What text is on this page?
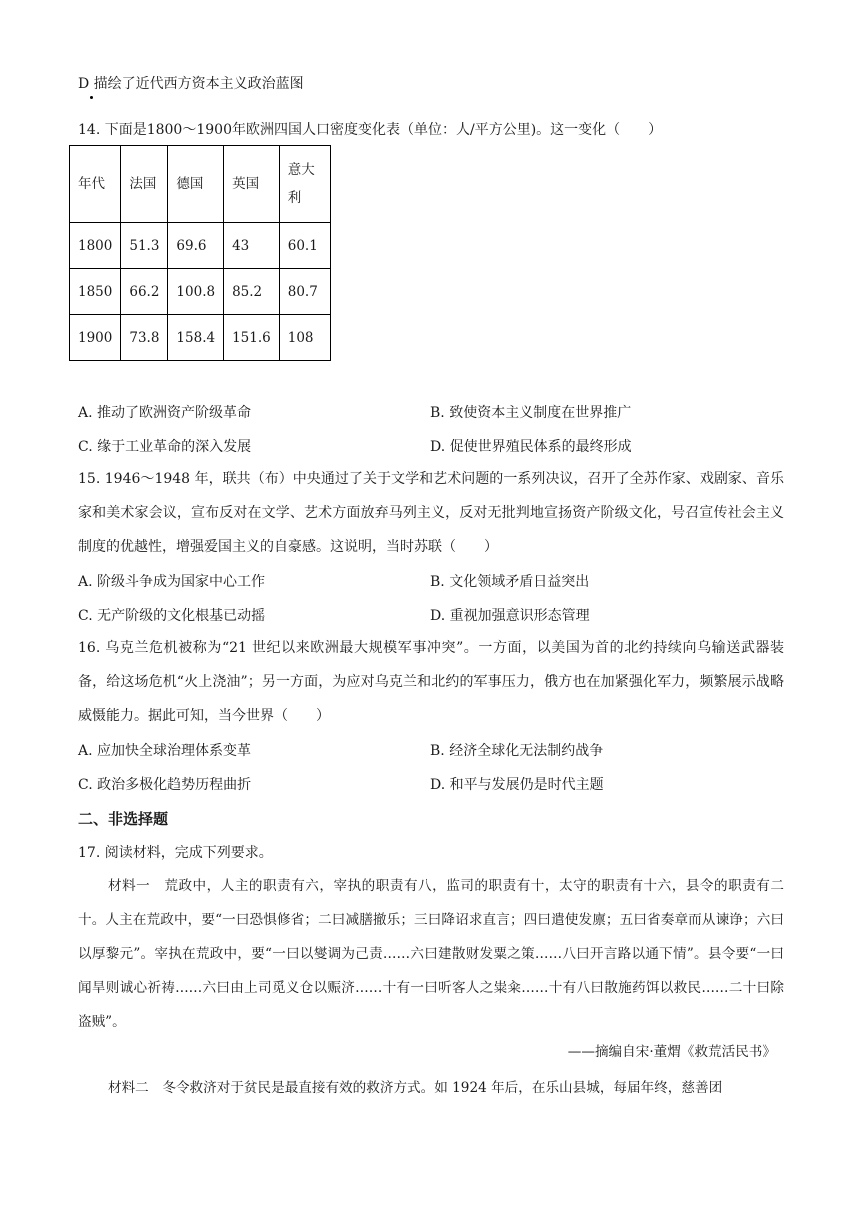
D 描绘了近代西方资本主义政治蓝图
14. 下面是1800～1900年欧洲四国人口密度变化表（单位：人/平方公里)。这一变化（　　）
年代	法国	德国	英国	意大利
1800	51.3	69.6	43	60.1
1850	66.2	100.8	85.2	80.7
1900	73.8	158.4	151.6	108
A. 推动了欧洲资产阶级革命	B. 致使资本主义制度在世界推广
C. 缘于工业革命的深入发展	D. 促使世界殖民体系的最终形成
15. 1946～1948 年，联共（布）中央通过了关于文学和艺术问题的一系列决议，召开了全苏作家、戏剧家、音乐家和美术家会议，宣布反对在文学、艺术方面放弃马列主义，反对无批判地宣扬资产阶级文化，号召宣传社会主义制度的优越性，增强爱国主义的自豪感。这说明，当时苏联（　　）
A. 阶级斗争成为国家中心工作	B. 文化领域矛盾日益突出
C. 无产阶级的文化根基已动摇	D. 重视加强意识形态管理
16. 乌克兰危机被称为“21 世纪以来欧洲最大规模军事冲突”。一方面，以美国为首的北约持续向乌输送武器装备，给这场危机“火上浇油”；另一方面，为应对乌克兰和北约的军事压力，俄方也在加紧强化军力，频繁展示战略威慑能力。据此可知，当今世界（　　）
A. 应加快全球治理体系变革	B. 经济全球化无法制约战争
C. 政治多极化趋势历程曲折	D. 和平与发展仍是时代主题
二、非选择题
17. 阅读材料，完成下列要求。
材料一　荒政中，人主的职责有六，宰执的职责有八，监司的职责有十，太守的职责有十六，县令的职责有二十。人主在荒政中，要“一曰恐惧修省；二曰减膳撤乐；三曰降诏求直言；四曰遣使发廪；五曰省奏章而从谏诤；六曰以厚黎元”。宰执在荒政中，要“一曰以燮调为己责……六曰建散财发粟之策……八曰开言路以通下情”。县令要“一曰闻旱则诚心祈祷……六曰由上司觅义仓以赈济……十有一曰听客人之粜籴……十有八曰散施药饵以救民……二十曰除盗贼”。
——摘编自宋·董煟《救荒活民书》
材料二　冬令救济对于贫民是最直接有效的救济方式。如 1924 年后，在乐山县城，每届年终，慈善团
